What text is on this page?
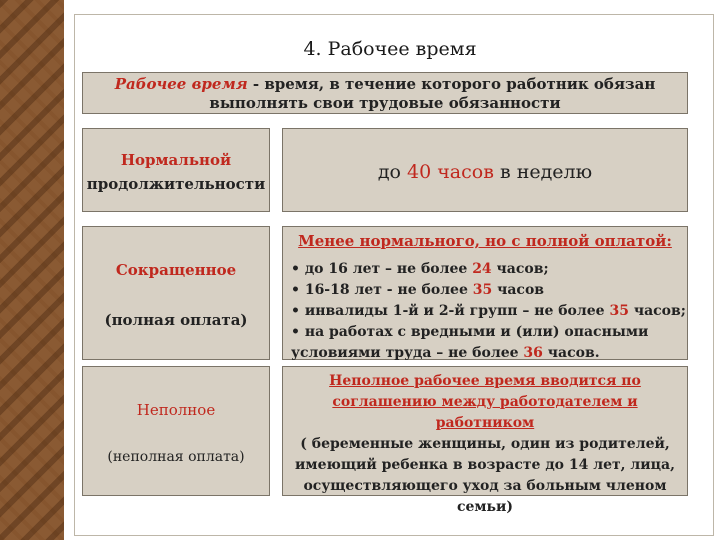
4. Рабочее время
Рабочее время - время, в течение которого работник обязан
выполнять свои трудовые обязанности
Нормальной
продолжительности
до 40 часов в неделю
Сокращенное
(полная оплата)
Менее нормального, но с полной оплатой:
• до 16 лет – не более 24 часов;
• 16-18 лет - не более 35 часов
• инвалиды 1-й и 2-й групп – не более 35 часов;
• на работах с вредными и (или) опасными
условиями труда – не более 36 часов.
Неполное
(неполная оплата)
Неполное рабочее время вводится по
соглашению между работодателем и работником
( беременные женщины, один из родителей,
имеющий ребенка в возрасте до 14 лет, лица,
осуществляющего уход за больным членом
семьи)
